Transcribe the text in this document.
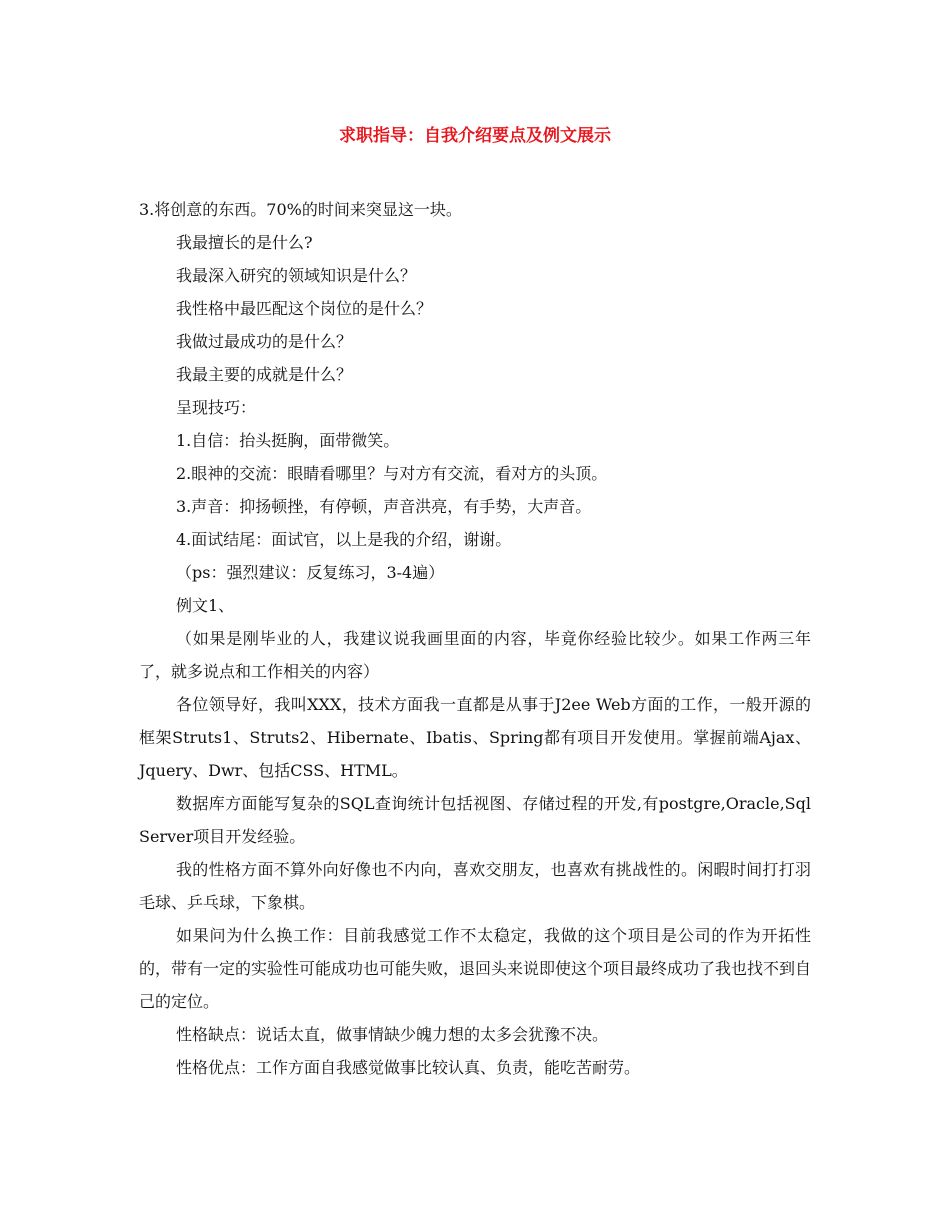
求职指导：自我介绍要点及例文展示

3.将创意的东西。70%的时间来突显这一块。

我最擅长的是什么?

我最深入研究的领域知识是什么？

我性格中最匹配这个岗位的是什么？

我做过最成功的是什么？

我最主要的成就是什么？

呈现技巧：

1.自信：抬头挺胸，面带微笑。

2.眼神的交流：眼睛看哪里？与对方有交流，看对方的头顶。

3.声音：抑扬顿挫，有停顿，声音洪亮，有手势，大声音。

4.面试结尾：面试官，以上是我的介绍，谢谢。

（ps：强烈建议：反复练习，3-4遍）

例文1、

（如果是刚毕业的人，我建议说我画里面的内容，毕竟你经验比较少。如果工作两三年了，就多说点和工作相关的内容）

各位领导好，我叫XXX，技术方面我一直都是从事于J2ee Web方面的工作，一般开源的框架Struts1、Struts2、Hibernate、Ibatis、Spring都有项目开发使用。掌握前端Ajax、Jquery、Dwr、包括CSS、HTML。

数据库方面能写复杂的SQL查询统计包括视图、存储过程的开发,有postgre,Oracle,Sql Server项目开发经验。

我的性格方面不算外向好像也不内向，喜欢交朋友，也喜欢有挑战性的。闲暇时间打打羽毛球、乒乓球，下象棋。

如果问为什么换工作：目前我感觉工作不太稳定，我做的这个项目是公司的作为开拓性的，带有一定的实验性可能成功也可能失败，退回头来说即使这个项目最终成功了我也找不到自己的定位。

性格缺点：说话太直，做事情缺少魄力想的太多会犹豫不决。

性格优点：工作方面自我感觉做事比较认真、负责，能吃苦耐劳。
